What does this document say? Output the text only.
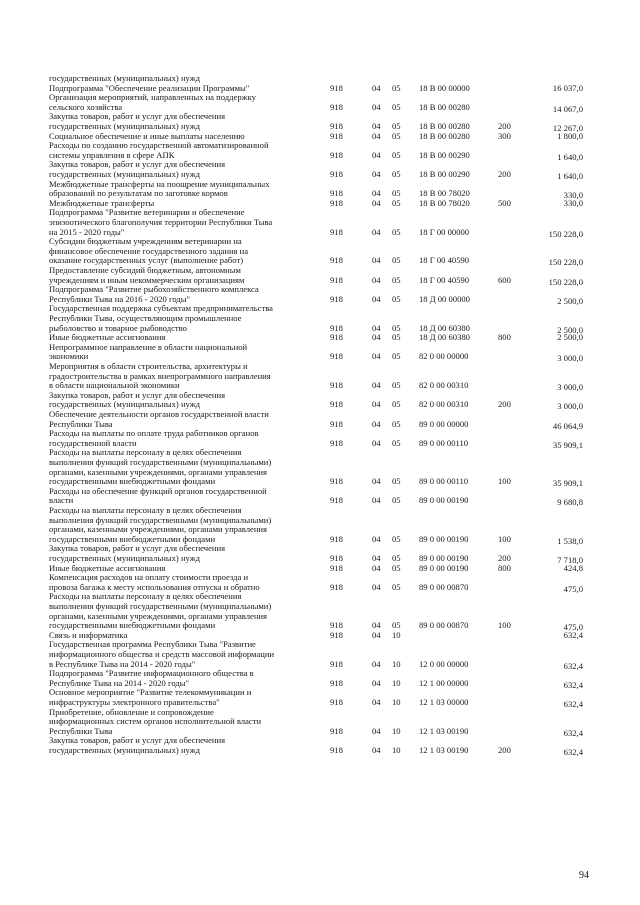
государственных (муниципальных) нужд
Подпрограмма "Обеспечение реализации Программы"	918	04 05 18 В 00 00000	16 037,0
Организация мероприятий, направленных на поддержку
сельского хозяйства	918	04 05 18 В 00 00280	14 067,0
Закупка товаров, работ и услуг для обеспечения
государственных (муниципальных) нужд	918	04 05 18 В 00 00280	200	12 267,0
Социальное обеспечение и иные выплаты населению	918	04 05 18 В 00 00280	300	1 800,0
Расходы по созданию государственной автоматизированной
системы управления в сфере АПК	918	04 05 18 В 00 00290	1 640,0
Закупка товаров, работ и услуг для обеспечения
государственных (муниципальных) нужд	918	04 05 18 В 00 00290	200	1 640,0
Межбюджетные трансферты на поощрение муниципальных
образований по результатам по заготовке кормов	918	04 05 18 В 00 78020	330,0
Межбюджетные трансферты	918	04 05 18 В 00 78020	500	330,0
Подпрограмма "Развитие ветеринарии и обеспечение
эпизоотического благополучия территории Республики Тыва
на 2015 - 2020 годы"	918	04 05 18 Г 00 00000	150 228,0
Субсидии бюджетным учреждениям ветеринарии на
финансовое обеспечение государственного задания на
оказание государственных услуг (выполнение работ)	918	04 05 18 Г 00 40590	150 228,0
Предоставление субсидий бюджетным, автономным
учреждениям и иным некоммерческим организациям	918	04 05 18 Г 00 40590	600	150 228,0
Подпрограмма "Развитие рыбохозяйственного комплекса
Республики Тыва на 2016 - 2020 годы"	918	04 05 18 Д 00 00000	2 500,0
Государственная поддержка субъектам предпринимательства
Республики Тыва, осуществляющим промышленное
рыболовство и товарное рыбоводство	918	04 05 18 Д 00 60380	2 500,0
Иные бюджетные ассигнования	918	04 05 18 Д 00 60380	800	2 500,0
Непрограммное направление в области национальной
экономики	918	04 05 82 0 00 00000	3 000,0
Мероприятия в области строительства, архитектуры и
градостроительства в рамках внепрограммного направления
в области национальной экономики	918	04 05 82 0 00 00310	3 000,0
Закупка товаров, работ и услуг для обеспечения
государственных (муниципальных) нужд	918	04 05 82 0 00 00310	200	3 000,0
Обеспечение деятельности органов государственной власти
Республики Тыва	918	04 05 89 0 00 00000	46 064,9
Расходы на выплаты по оплате труда работников органов
государственной власти	918	04 05 89 0 00 00110	35 909,1
Расходы на выплаты персоналу в целях обеспечения
выполнения функций государственными (муниципальными)
органами, казенными учреждениями, органами управления
государственными внебюджетными фондами	918	04 05 89 0 00 00110	100	35 909,1
Расходы на обеспечение функций органов государственной
власти	918	04 05 89 0 00 00190	9 680,8
Расходы на выплаты персоналу в целях обеспечения
выполнения функций государственными (муниципальными)
органами, казенными учреждениями, органами управления
государственными внебюджетными фондами	918	04 05 89 0 00 00190	100	1 538,0
Закупка товаров, работ и услуг для обеспечения
государственных (муниципальных) нужд	918	04 05 89 0 00 00190	200	7 718,0
Иные бюджетные ассигнования	918	04 05 89 0 00 00190	800	424,8
Компенсация расходов на оплату стоимости проезда и
провоза багажа к месту использования отпуска и обратно	918	04 05 89 0 00 00870	475,0
Расходы на выплаты персоналу в целях обеспечения
выполнения функций государственными (муниципальными)
органами, казенными учреждениями, органами управления
государственными внебюджетными фондами	918	04 05 89 0 00 00870	100	475,0
Связь и информатика	918	04 10	632,4
Государственная программа Республики Тыва "Развитие
информационного общества и средств массовой информации
в Республике Тыва на 2014 - 2020 годы"	918	04 10 12 0 00 00000	632,4
Подпрограмма "Развитие информационного общества в
Республике Тыва на 2014 - 2020 годы"	918	04 10 12 1 00 00000	632,4
Основное мероприятие "Развитие телекоммуникации и
инфраструктуры электронного правительства"	918	04 10 12 1 03 00000	632,4
Приобретение, обновление и сопровождение
информационных систем органов исполнительной власти
Республики Тыва	918	04 10 12 1 03 00190	632,4
Закупка товаров, работ и услуг для обеспечения
государственных (муниципальных) нужд	918	04 10 12 1 03 00190	200	632,4
94
